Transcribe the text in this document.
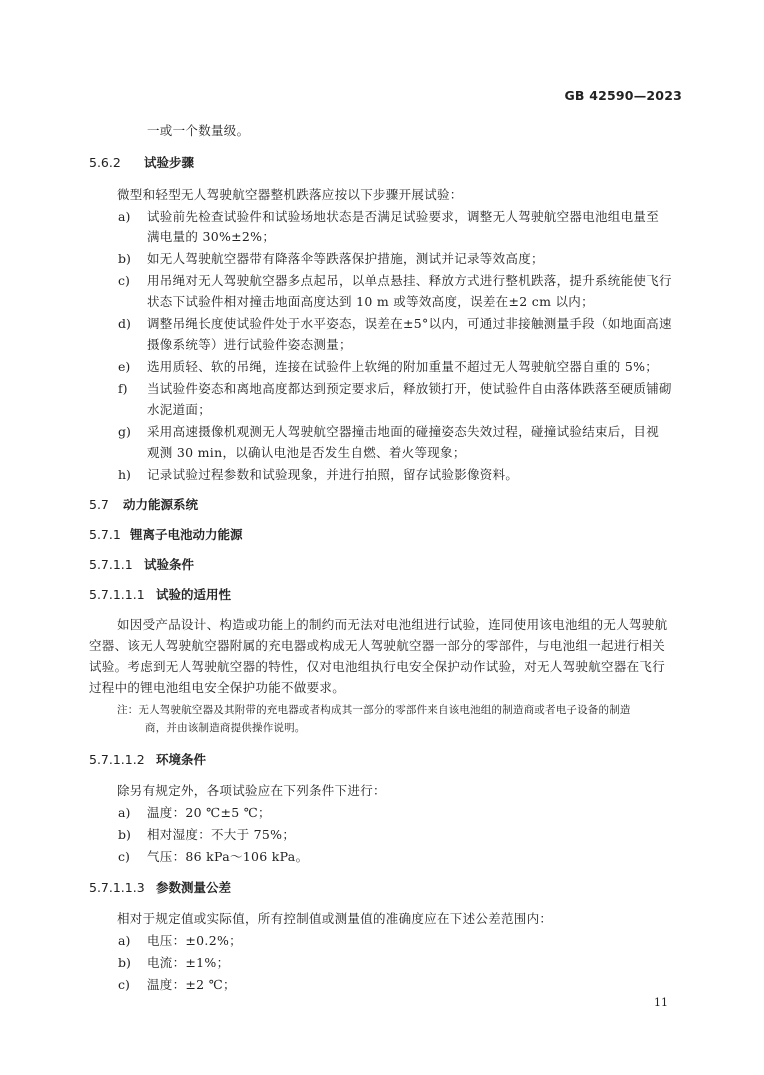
GB 42590—2023
一或一个数量级。
5.6.2 试验步骤
微型和轻型无人驾驶航空器整机跌落应按以下步骤开展试验：
a) 试验前先检查试验件和试验场地状态是否满足试验要求，调整无人驾驶航空器电池组电量至
满电量的 30%±2%；
b) 如无人驾驶航空器带有降落伞等跌落保护措施，测试并记录等效高度；
c) 用吊绳对无人驾驶航空器多点起吊，以单点悬挂、释放方式进行整机跌落，提升系统能使飞行
状态下试验件相对撞击地面高度达到 10 m 或等效高度，误差在±2 cm 以内；
d) 调整吊绳长度使试验件处于水平姿态，误差在±5°以内，可通过非接触测量手段（如地面高速
摄像系统等）进行试验件姿态测量；
e) 选用质轻、软的吊绳，连接在试验件上软绳的附加重量不超过无人驾驶航空器自重的 5%；
f) 当试验件姿态和离地高度都达到预定要求后，释放锁打开，使试验件自由落体跌落至硬质铺砌
水泥道面；
g) 采用高速摄像机观测无人驾驶航空器撞击地面的碰撞姿态失效过程，碰撞试验结束后，目视
观测 30 min，以确认电池是否发生自燃、着火等现象；
h) 记录试验过程参数和试验现象，并进行拍照，留存试验影像资料。
5.7 动力能源系统
5.7.1 锂离子电池动力能源
5.7.1.1 试验条件
5.7.1.1.1 试验的适用性
如因受产品设计、构造或功能上的制约而无法对电池组进行试验，连同使用该电池组的无人驾驶航
空器、该无人驾驶航空器附属的充电器或构成无人驾驶航空器一部分的零部件，与电池组一起进行相关
试验。考虑到无人驾驶航空器的特性，仅对电池组执行电安全保护动作试验，对无人驾驶航空器在飞行
过程中的锂电池组电安全保护功能不做要求。
注：无人驾驶航空器及其附带的充电器或者构成其一部分的零部件来自该电池组的制造商或者电子设备的制造
商，并由该制造商提供操作说明。
5.7.1.1.2 环境条件
除另有规定外，各项试验应在下列条件下进行：
a) 温度：20 ℃±5 ℃；
b) 相对湿度：不大于 75%；
c) 气压：86 kPa～106 kPa。
5.7.1.1.3 参数测量公差
相对于规定值或实际值，所有控制值或测量值的准确度应在下述公差范围内：
a) 电压：±0.2%；
b) 电流：±1%；
c) 温度：±2 ℃；
11
